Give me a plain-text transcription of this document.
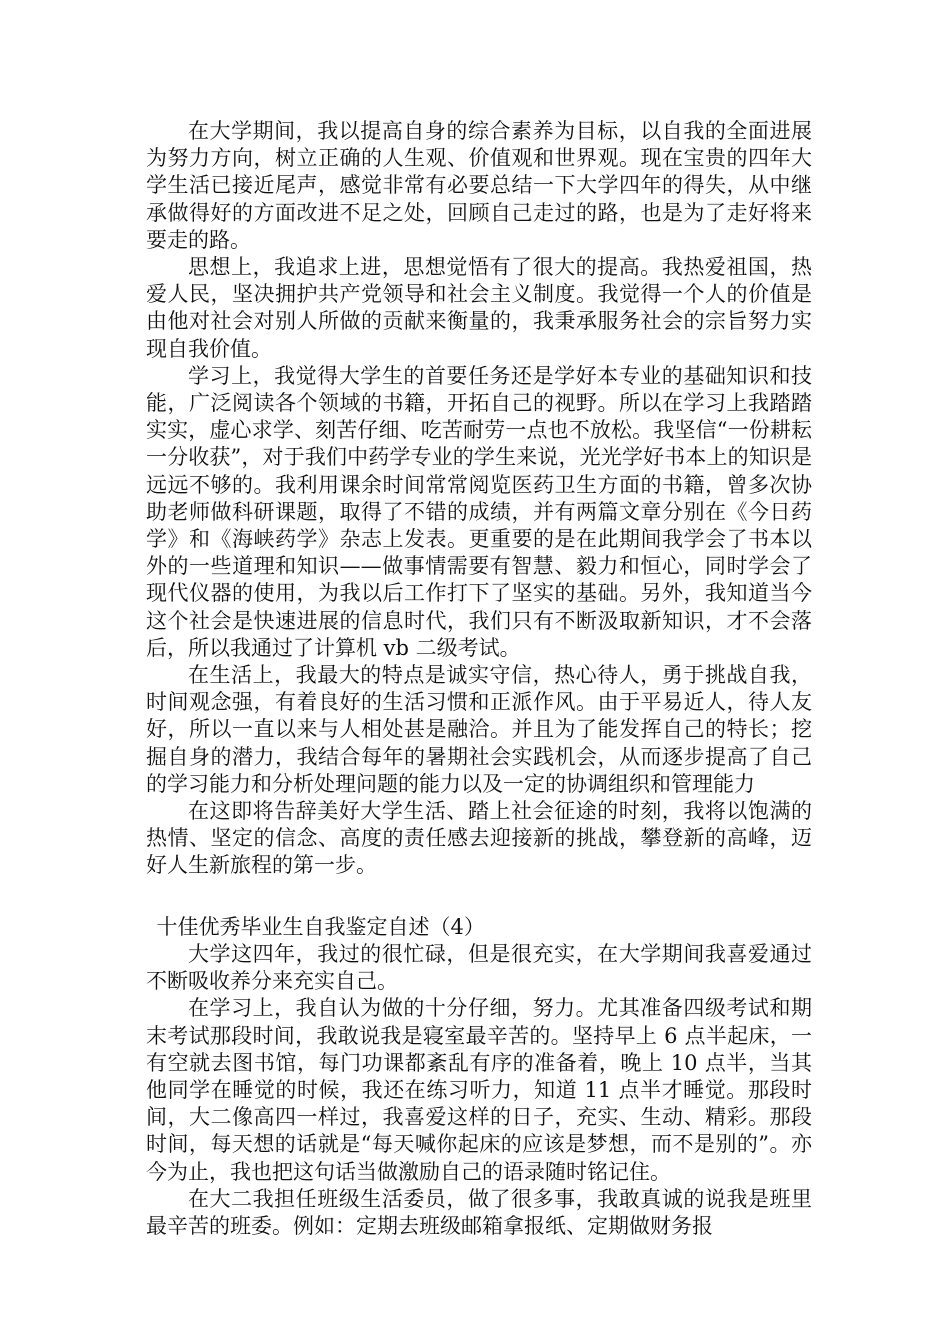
在大学期间，我以提高自身的综合素养为目标，以自我的全面进展为努力方向，树立正确的人生观、价值观和世界观。现在宝贵的四年大学生活已接近尾声，感觉非常有必要总结一下大学四年的得失，从中继承做得好的方面改进不足之处，回顾自己走过的路，也是为了走好将来要走的路。

思想上，我追求上进，思想觉悟有了很大的提高。我热爱祖国，热爱人民，坚决拥护共产党领导和社会主义制度。我觉得一个人的价值是由他对社会对别人所做的贡献来衡量的，我秉承服务社会的宗旨努力实现自我价值。

学习上，我觉得大学生的首要任务还是学好本专业的基础知识和技能，广泛阅读各个领域的书籍，开拓自己的视野。所以在学习上我踏踏实实，虚心求学、刻苦仔细、吃苦耐劳一点也不放松。我坚信“一份耕耘一分收获”，对于我们中药学专业的学生来说，光光学好书本上的知识是远远不够的。我利用课余时间常常阅览医药卫生方面的书籍，曾多次协助老师做科研课题，取得了不错的成绩，并有两篇文章分别在《今日药学》和《海峡药学》杂志上发表。更重要的是在此期间我学会了书本以外的一些道理和知识——做事情需要有智慧、毅力和恒心，同时学会了现代仪器的使用，为我以后工作打下了坚实的基础。另外，我知道当今这个社会是快速进展的信息时代，我们只有不断汲取新知识，才不会落后，所以我通过了计算机 vb 二级考试。

在生活上，我最大的特点是诚实守信，热心待人，勇于挑战自我，时间观念强，有着良好的生活习惯和正派作风。由于平易近人，待人友好，所以一直以来与人相处甚是融洽。并且为了能发挥自己的特长；挖掘自身的潜力，我结合每年的暑期社会实践机会，从而逐步提高了自己的学习能力和分析处理问题的能力以及一定的协调组织和管理能力

在这即将告辞美好大学生活、踏上社会征途的时刻，我将以饱满的热情、坚定的信念、高度的责任感去迎接新的挑战，攀登新的高峰，迈好人生新旅程的第一步。

十佳优秀毕业生自我鉴定自述（4）

大学这四年，我过的很忙碌，但是很充实，在大学期间我喜爱通过不断吸收养分来充实自己。

在学习上，我自认为做的十分仔细，努力。尤其准备四级考试和期末考试那段时间，我敢说我是寝室最辛苦的。坚持早上 6 点半起床，一有空就去图书馆，每门功课都紊乱有序的准备着，晚上 10 点半，当其他同学在睡觉的时候，我还在练习听力，知道 11 点半才睡觉。那段时间，大二像高四一样过，我喜爱这样的日子，充实、生动、精彩。那段时间，每天想的话就是“每天喊你起床的应该是梦想，而不是别的”。亦今为止，我也把这句话当做激励自己的语录随时铭记住。

在大二我担任班级生活委员，做了很多事，我敢真诚的说我是班里最辛苦的班委。例如：定期去班级邮箱拿报纸、定期做财务报
